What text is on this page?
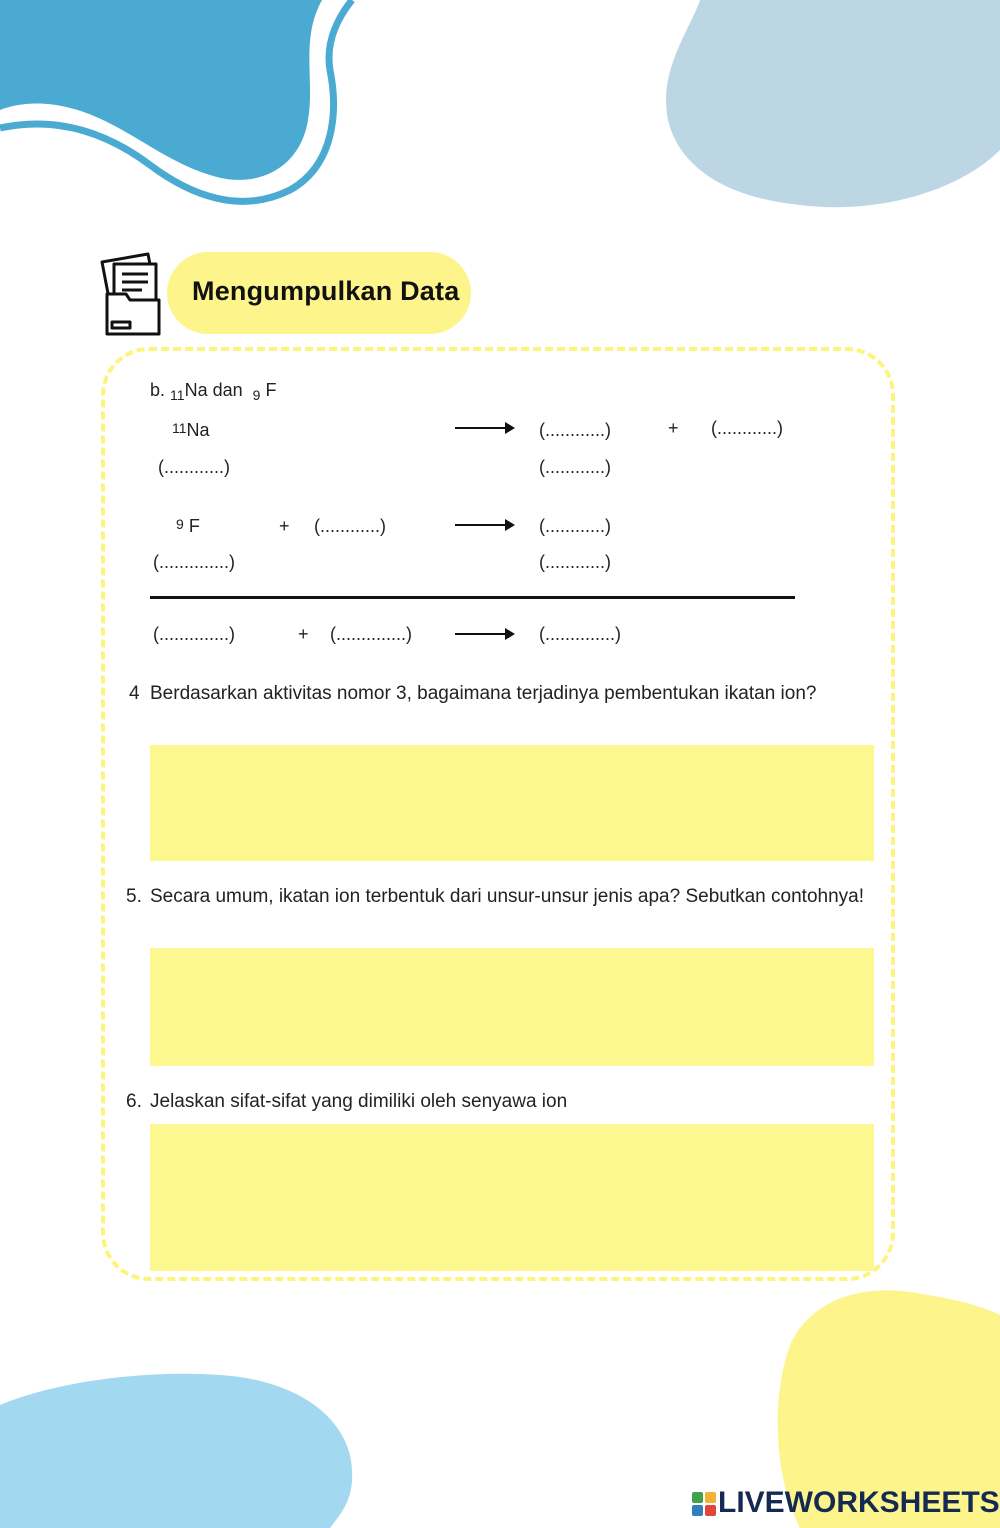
Mengumpulkan Data
b. $_{11}$Na dan $_9$ F
11Na	(............)	+ (............)
(............)	(............)
9 F	+ (............)	(............)
(..............)	(............)
(..............)	+ (..............)	(..............)
4 Berdasarkan aktivitas nomor 3, bagaimana terjadinya pembentukan ikatan ion?
5. Secara umum, ikatan ion terbentuk dari unsur-unsur jenis apa? Sebutkan contohnya!
6. Jelaskan sifat-sifat yang dimiliki oleh senyawa ion
LIVEWORKSHEETS
